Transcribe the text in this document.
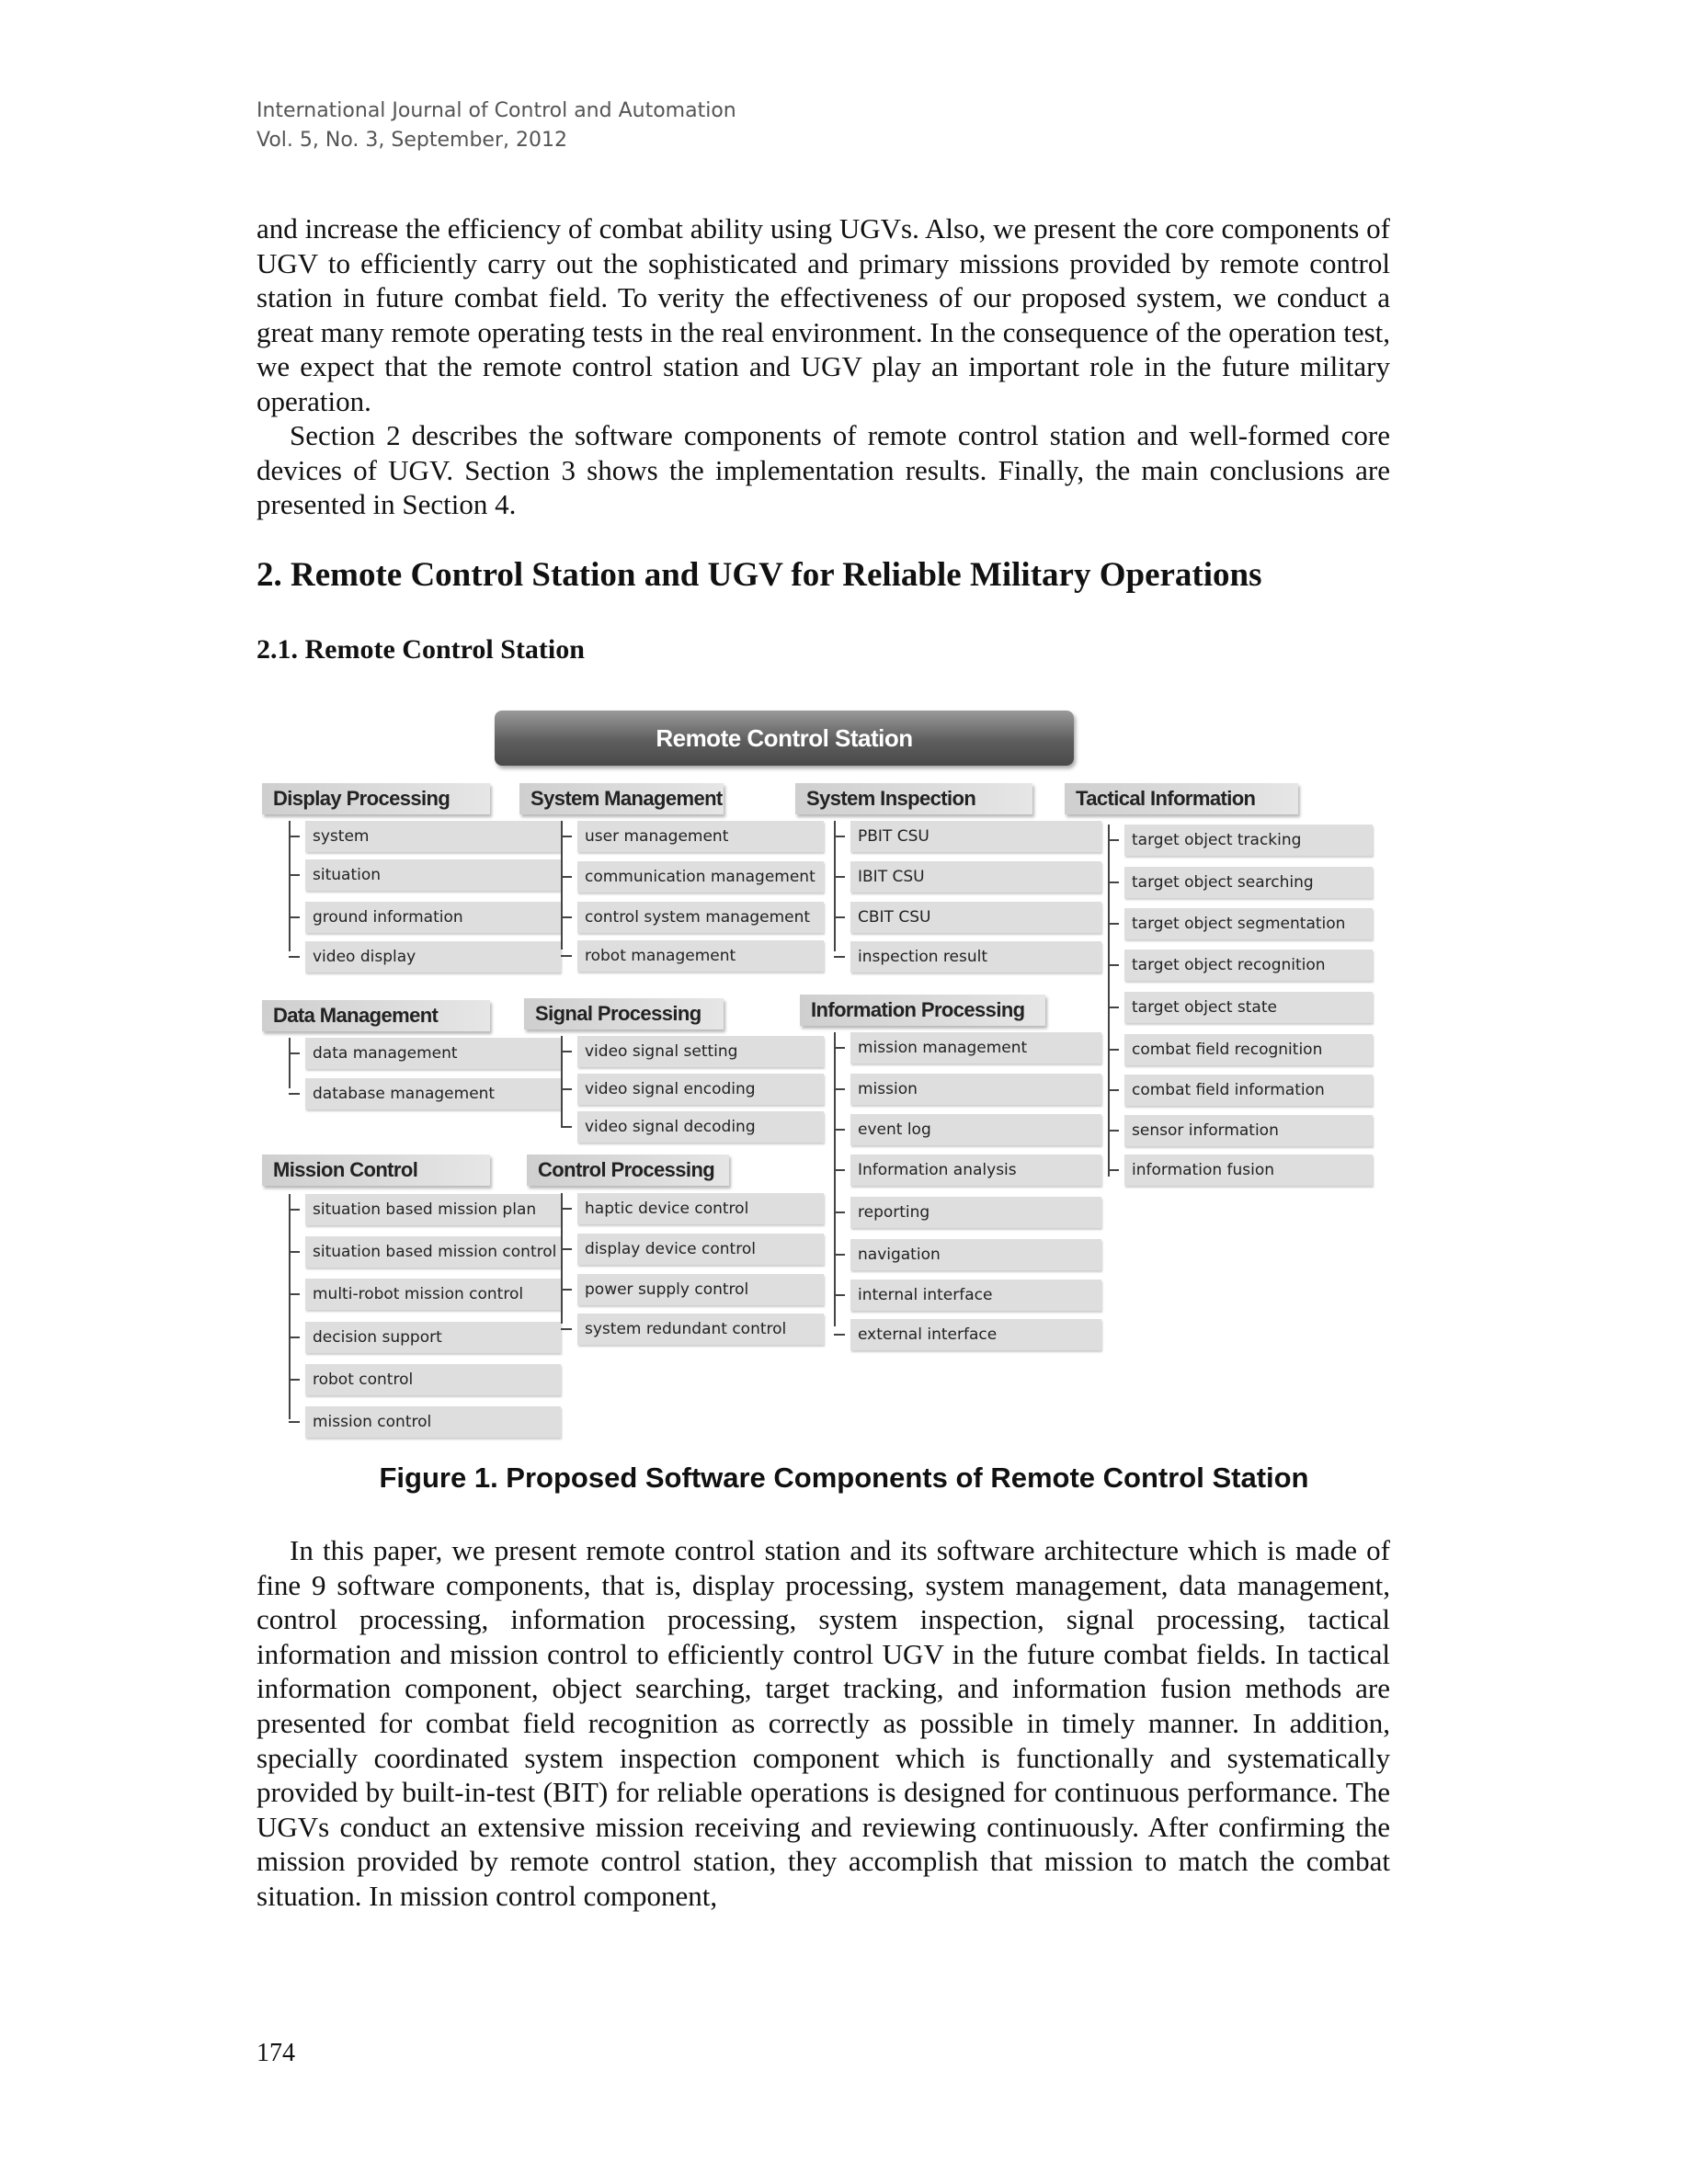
International Journal of Control and Automation
Vol. 5, No. 3, September, 2012

and increase the efficiency of combat ability using UGVs. Also, we present the core components of UGV to efficiently carry out the sophisticated and primary missions provided by remote control station in future combat field. To verity the effectiveness of our proposed system, we conduct a great many remote operating tests in the real environment. In the consequence of the operation test, we expect that the remote control station and UGV play an important role in the future military operation.

Section 2 describes the software components of remote control station and well-formed core devices of UGV. Section 3 shows the implementation results. Finally, the main conclusions are presented in Section 4.

2. Remote Control Station and UGV for Reliable Military Operations
2.1. Remote Control Station
Remote Control Station
Display Processing
system
situation
ground information
video display
Data Management
data management
database management
Mission Control
situation based mission plan
situation based mission control
multi-robot mission control
decision support
robot control
mission control
System Management
user management
communication management
control system management
robot management
Signal Processing
video signal setting
video signal encoding
video signal decoding
Control Processing
haptic device control
display device control
power supply control
system redundant control
System Inspection
PBIT CSU
IBIT CSU
CBIT CSU
inspection result
Information Processing
mission management
mission
event log
Information analysis
reporting
navigation
internal interface
external interface
Tactical Information
target object tracking
target object searching
target object segmentation
target object recognition
target object state
combat field recognition
combat field information
sensor information
information fusion
Figure 1. Proposed Software Components of Remote Control Station

In this paper, we present remote control station and its software architecture which is made of fine 9 software components, that is, display processing, system management, data management, control processing, information processing, system inspection, signal processing, tactical information and mission control to efficiently control UGV in the future combat fields. In tactical information component, object searching, target tracking, and information fusion methods are presented for combat field recognition as correctly as possible in timely manner. In addition, specially coordinated system inspection component which is functionally and systematically provided by built-in-test (BIT) for reliable operations is designed for continuous performance. The UGVs conduct an extensive mission receiving and reviewing continuously. After confirming the mission provided by remote control station, they accomplish that mission to match the combat situation. In mission control component,

174
